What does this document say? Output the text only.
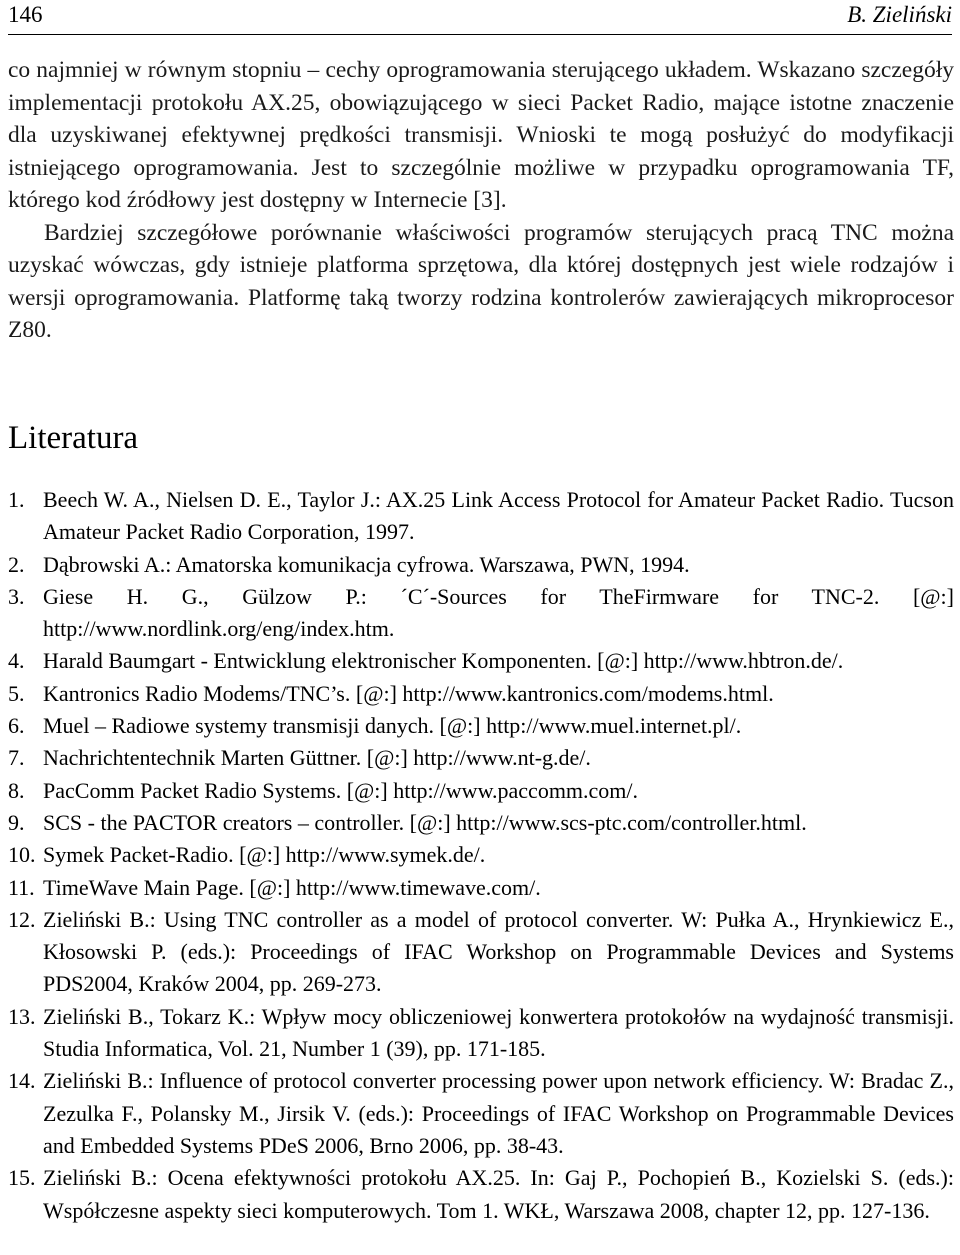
146	B. Zieliński

co najmniej w równym stopniu – cechy oprogramowania sterującego układem. Wskazano szczegóły implementacji protokołu AX.25, obowiązującego w sieci Packet Radio, mające istotne znaczenie dla uzyskiwanej efektywnej prędkości transmisji. Wnioski te mogą posłużyć do modyfikacji istniejącego oprogramowania. Jest to szczególnie możliwe w przypadku oprogramowania TF, którego kod źródłowy jest dostępny w Internecie [3].

Bardziej szczegółowe porównanie właściwości programów sterujących pracą TNC można uzyskać wówczas, gdy istnieje platforma sprzętowa, dla której dostępnych jest wiele rodzajów i wersji oprogramowania. Platformę taką tworzy rodzina kontrolerów zawierających mikroprocesor Z80.

Literatura
1. Beech W. A., Nielsen D. E., Taylor J.: AX.25 Link Access Protocol for Amateur Packet Radio. Tucson Amateur Packet Radio Corporation, 1997.
2. Dąbrowski A.: Amatorska komunikacja cyfrowa. Warszawa, PWN, 1994.
3. Giese H. G., Gülzow P.: ´C´-Sources for TheFirmware for TNC-2. [@:] http://www.nordlink.org/eng/index.htm.
4. Harald Baumgart - Entwicklung elektronischer Komponenten. [@:] http://www.hbtron.de/.
5. Kantronics Radio Modems/TNC’s. [@:] http://www.kantronics.com/modems.html.
6. Muel – Radiowe systemy transmisji danych. [@:] http://www.muel.internet.pl/.
7. Nachrichtentechnik Marten Güttner. [@:] http://www.nt-g.de/.
8. PacComm Packet Radio Systems. [@:] http://www.paccomm.com/.
9. SCS - the PACTOR creators – controller. [@:] http://www.scs-ptc.com/controller.html.
10. Symek Packet-Radio. [@:] http://www.symek.de/.
11. TimeWave Main Page. [@:] http://www.timewave.com/.
12. Zieliński B.: Using TNC controller as a model of protocol converter. W: Pułka A., Hrynkiewicz E., Kłosowski P. (eds.): Proceedings of IFAC Workshop on Programmable Devices and Systems PDS2004, Kraków 2004, pp. 269-273.
13. Zieliński B., Tokarz K.: Wpływ mocy obliczeniowej konwertera protokołów na wydajność transmisji. Studia Informatica, Vol. 21, Number 1 (39), pp. 171-185.
14. Zieliński B.: Influence of protocol converter processing power upon network efficiency. W: Bradac Z., Zezulka F., Polansky M., Jirsik V. (eds.): Proceedings of IFAC Workshop on Programmable Devices and Embedded Systems PDeS 2006, Brno 2006, pp. 38-43.
15. Zieliński B.: Ocena efektywności protokołu AX.25. In: Gaj P., Pochopień B., Kozielski S. (eds.): Współczesne aspekty sieci komputerowych. Tom 1. WKŁ, Warszawa 2008, chapter 12, pp. 127-136.
